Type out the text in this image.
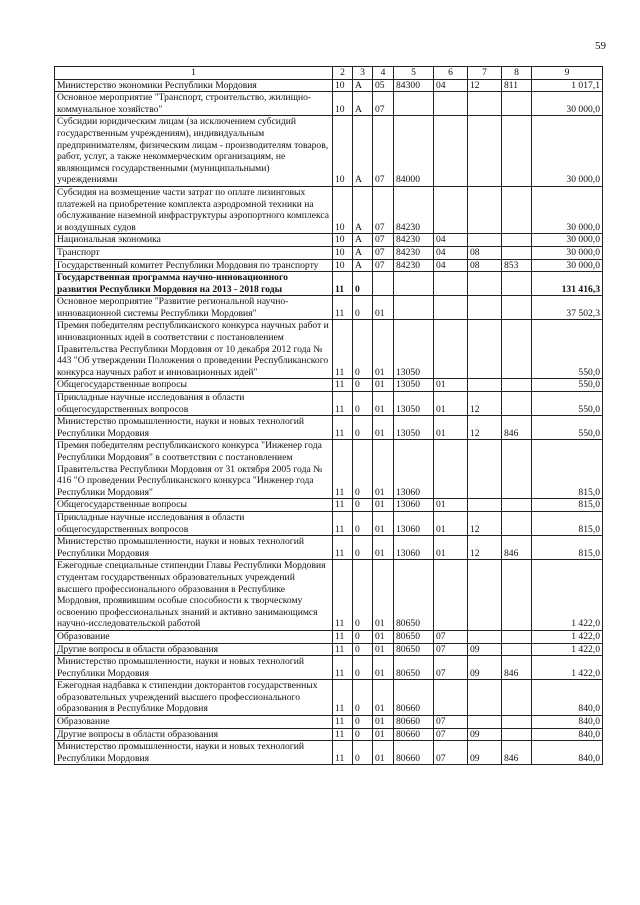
59
1	2	3	4	5	6	7	8	9
Министерство экономики Республики Мордовия	10	А	05	84300	04	12	811	1 017,1
Основное мероприятие "Транспорт, строительство, жилищно-коммунальное хозяйство"	10	А	07					30 000,0
Субсидии юридическим лицам (за исключением субсидий государственным учреждениям), индивидуальным предпринимателям, физическим лицам - производителям товаров, работ, услуг, а также некоммерческим организациям, не являющимся государственными (муниципальными) учреждениями	10	А	07	84000				30 000,0
Субсидия на возмещение части затрат по оплате лизинговых платежей на приобретение комплекта аэродромной техники на обслуживание наземной инфраструктуры аэропортного комплекса и воздушных судов	10	А	07	84230				30 000,0
Национальная экономика	10	А	07	84230	04			30 000,0
Транспорт	10	А	07	84230	04	08		30 000,0
Государственный комитет Республики Мордовия по транспорту	10	А	07	84230	04	08	853	30 000,0
Государственная программа научно-инновационного развития Республики Мордовия на 2013 - 2018 годы	11	0						131 416,3
Основное мероприятие "Развитие региональной научно-инновационной системы Республики Мордовия"	11	0	01					37 502,3
Премия победителям республиканского конкурса научных работ и инновационных идей в соответствии с постановлением Правительства Республики Мордовия от 10 декабря 2012 года № 443 "Об утверждении Положения о проведении Республиканского конкурса научных работ и инновационных идей"	11	0	01	13050				550,0
Общегосударственные вопросы	11	0	01	13050	01			550,0
Прикладные научные исследования в области общегосударственных вопросов	11	0	01	13050	01	12		550,0
Министерство промышленности, науки и новых технологий Республики Мордовия	11	0	01	13050	01	12	846	550,0
Премия победителям республиканского конкурса "Инженер года Республики Мордовия" в соответствии с постановлением Правительства Республики Мордовия от 31 октября 2005 года № 416 "О проведении Республиканского конкурса "Инженер года Республики Мордовия"	11	0	01	13060				815,0
Общегосударственные вопросы	11	0	01	13060	01			815,0
Прикладные научные исследования в области общегосударственных вопросов	11	0	01	13060	01	12		815,0
Министерство промышленности, науки и новых технологий Республики Мордовия	11	0	01	13060	01	12	846	815,0
Ежегодные специальные стипендии Главы Республики Мордовия студентам государственных образовательных учреждений высшего профессионального образования в Республике Мордовия, проявившим особые способности к творческому освоению профессиональных знаний и активно занимающимся научно-исследовательской работой	11	0	01	80650				1 422,0
Образование	11	0	01	80650	07			1 422,0
Другие вопросы в области образования	11	0	01	80650	07	09		1 422,0
Министерство промышленности, науки и новых технологий Республики Мордовия	11	0	01	80650	07	09	846	1 422,0
Ежегодная надбавка к стипендии докторантов государственных образовательных учреждений высшего профессионального образования в Республике Мордовия	11	0	01	80660				840,0
Образование	11	0	01	80660	07			840,0
Другие вопросы в области образования	11	0	01	80660	07	09		840,0
Министерство промышленности, науки и новых технологий Республики Мордовия	11	0	01	80660	07	09	846	840,0
